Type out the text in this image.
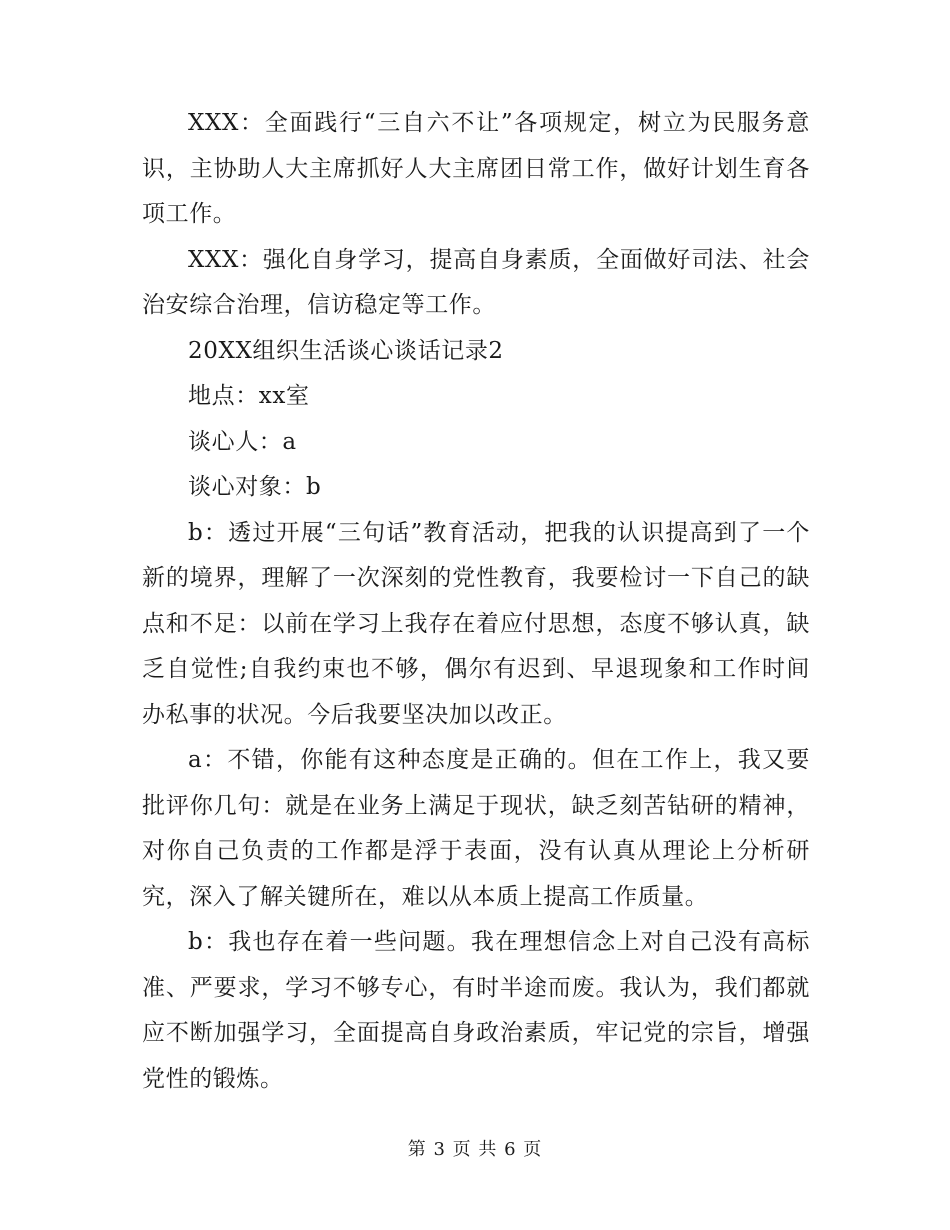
XXX：全面践行“三自六不让”各项规定，树立为民服务意识，主协助人大主席抓好人大主席团日常工作，做好计划生育各项工作。

XXX：强化自身学习，提高自身素质，全面做好司法、社会治安综合治理，信访稳定等工作。

20XX组织生活谈心谈话记录2

地点：xx室

谈心人：a

谈心对象：b

b：透过开展“三句话”教育活动，把我的认识提高到了一个新的境界，理解了一次深刻的党性教育，我要检讨一下自己的缺点和不足：以前在学习上我存在着应付思想，态度不够认真，缺乏自觉性;自我约束也不够，偶尔有迟到、早退现象和工作时间办私事的状况。今后我要坚决加以改正。

a：不错，你能有这种态度是正确的。但在工作上，我又要批评你几句：就是在业务上满足于现状，缺乏刻苦钻研的精神，对你自己负责的工作都是浮于表面，没有认真从理论上分析研究，深入了解关键所在，难以从本质上提高工作质量。

b：我也存在着一些问题。我在理想信念上对自己没有高标准、严要求，学习不够专心，有时半途而废。我认为，我们都就应不断加强学习，全面提高自身政治素质，牢记党的宗旨，增强党性的锻炼。

第 3 页 共 6 页
